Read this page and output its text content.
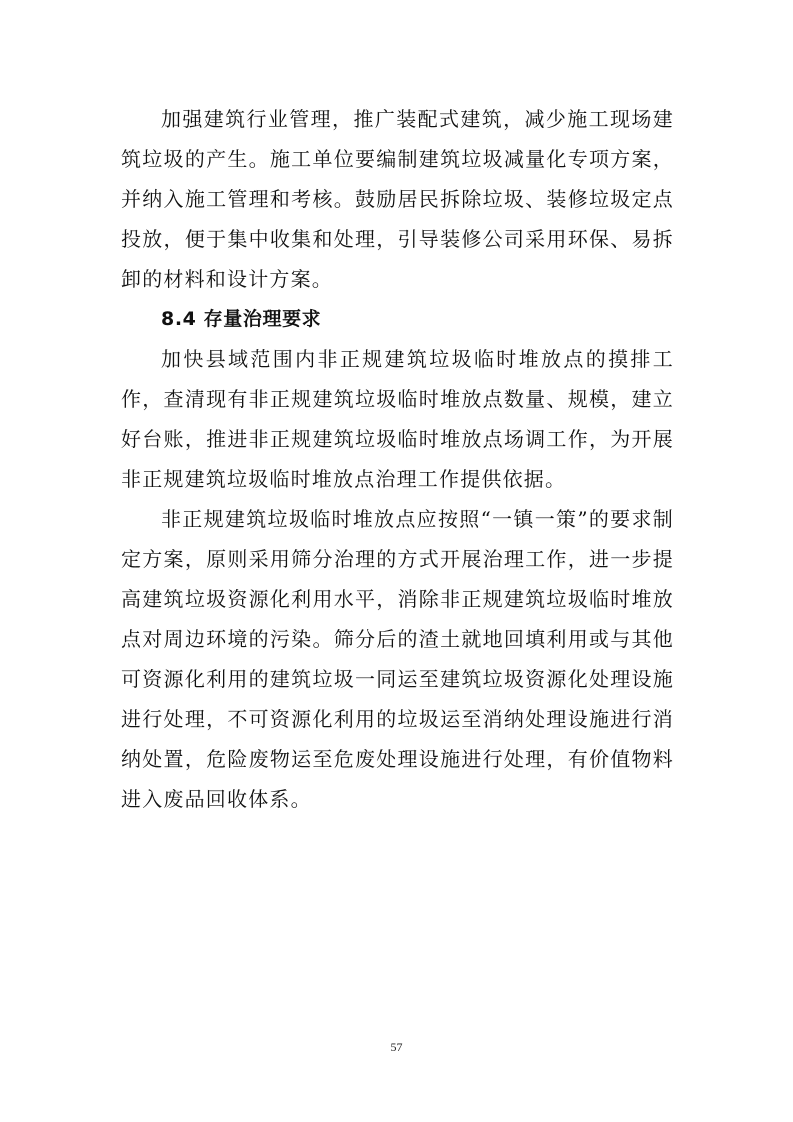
加强建筑行业管理，推广装配式建筑，减少施工现场建筑垃圾的产生。施工单位要编制建筑垃圾减量化专项方案，并纳入施工管理和考核。鼓励居民拆除垃圾、装修垃圾定点投放，便于集中收集和处理，引导装修公司采用环保、易拆卸的材料和设计方案。

8.4 存量治理要求

加快县域范围内非正规建筑垃圾临时堆放点的摸排工作，查清现有非正规建筑垃圾临时堆放点数量、规模，建立好台账，推进非正规建筑垃圾临时堆放点场调工作，为开展非正规建筑垃圾临时堆放点治理工作提供依据。

非正规建筑垃圾临时堆放点应按照“一镇一策”的要求制定方案，原则采用筛分治理的方式开展治理工作，进一步提高建筑垃圾资源化利用水平，消除非正规建筑垃圾临时堆放点对周边环境的污染。筛分后的渣土就地回填利用或与其他可资源化利用的建筑垃圾一同运至建筑垃圾资源化处理设施进行处理，不可资源化利用的垃圾运至消纳处理设施进行消纳处置，危险废物运至危废处理设施进行处理，有价值物料进入废品回收体系。

57
